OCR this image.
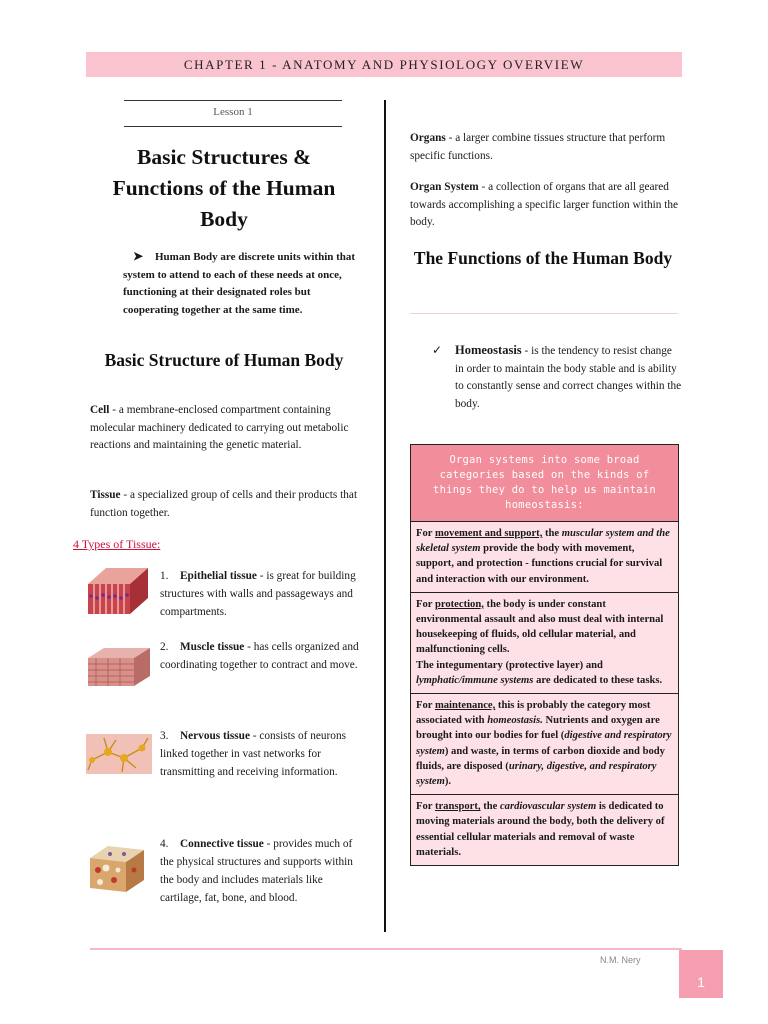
CHAPTER 1 - ANATOMY AND PHYSIOLOGY OVERVIEW
Lesson 1
Basic Structures & Functions of the Human Body
➤ Human Body are discrete units within that system to attend to each of these needs at once, functioning at their designated roles but cooperating together at the same time.
Basic Structure of Human Body
Cell - a membrane-enclosed compartment containing molecular machinery dedicated to carrying out metabolic reactions and maintaining the genetic material.
Tissue - a specialized group of cells and their products that function together.
4 Types of Tissue:
1. Epithelial tissue - is great for building structures with walls and passageways and compartments.
2. Muscle tissue - has cells organized and coordinating together to contract and move.
3. Nervous tissue - consists of neurons linked together in vast networks for transmitting and receiving information.
4. Connective tissue - provides much of the physical structures and supports within the body and includes materials like cartilage, fat, bone, and blood.
Organs - a larger combine tissues structure that perform specific functions.
Organ System - a collection of organs that are all geared towards accomplishing a specific larger function within the body.
The Functions of the Human Body
✓ Homeostasis - is the tendency to resist change in order to maintain the body stable and is ability to constantly sense and correct changes within the body.
Organ systems into some broad categories based on the kinds of things they do to help us maintain homeostasis:
For movement and support, the muscular system and the skeletal system provide the body with movement, support, and protection - functions crucial for survival and interaction with our environment.
For protection, the body is under constant environmental assault and also must deal with internal housekeeping of fluids, old cellular material, and malfunctioning cells.
The integumentary (protective layer) and lymphatic/immune systems are dedicated to these tasks.
For maintenance, this is probably the category most associated with homeostasis. Nutrients and oxygen are brought into our bodies for fuel (digestive and respiratory system) and waste, in terms of carbon dioxide and body fluids, are disposed (urinary, digestive, and respiratory system).
For transport, the cardiovascular system is dedicated to moving materials around the body, both the delivery of essential cellular materials and removal of waste materials.
N.M. Nery
1
